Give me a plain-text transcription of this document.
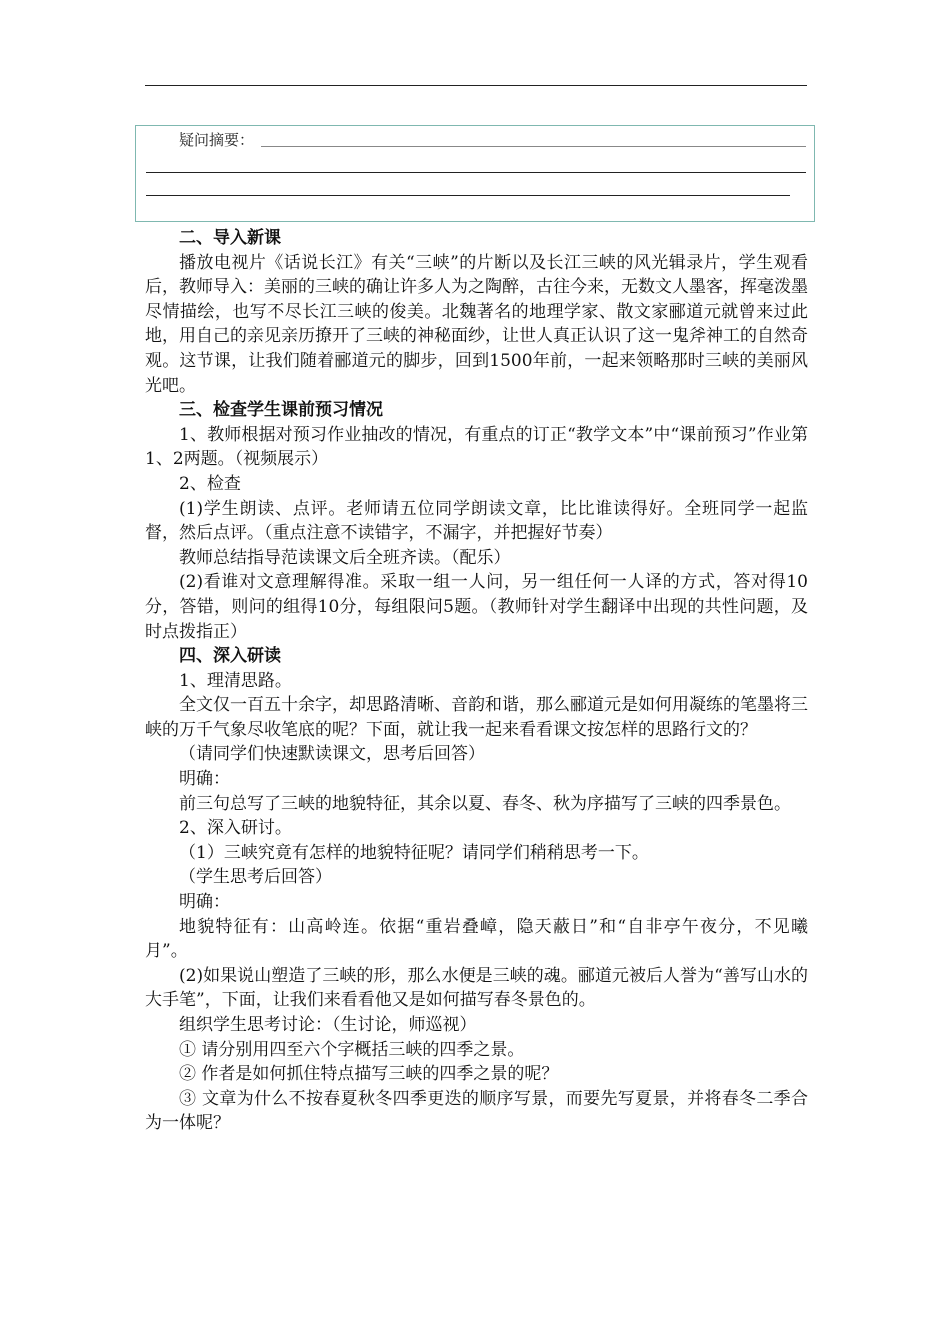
疑问摘要：

二、导入新课

播放电视片《话说长江》有关“三峡”的片断以及长江三峡的风光辑录片，学生观看后，教师导入：美丽的三峡的确让许多人为之陶醉，古往今来，无数文人墨客，挥毫泼墨尽情描绘，也写不尽长江三峡的俊美。北魏著名的地理学家、散文家郦道元就曾来过此地，用自己的亲见亲历撩开了三峡的神秘面纱，让世人真正认识了这一鬼斧神工的自然奇观。这节课，让我们随着郦道元的脚步，回到1500年前，一起来领略那时三峡的美丽风光吧。

三、检查学生课前预习情况

1、教师根据对预习作业抽改的情况，有重点的订正“教学文本”中“课前预习”作业第1、2两题。（视频展示）

2、检查

(1)学生朗读、点评。老师请五位同学朗读文章，比比谁读得好。全班同学一起监督，然后点评。（重点注意不读错字，不漏字，并把握好节奏）

教师总结指导范读课文后全班齐读。（配乐）

(2)看谁对文意理解得准。采取一组一人问，另一组任何一人译的方式，答对得10分，答错，则问的组得10分，每组限问5题。（教师针对学生翻译中出现的共性问题，及时点拨指正）

四、深入研读

1、理清思路。

全文仅一百五十余字，却思路清晰、音韵和谐，那么郦道元是如何用凝练的笔墨将三峡的万千气象尽收笔底的呢？下面，就让我一起来看看课文按怎样的思路行文的？

（请同学们快速默读课文，思考后回答）

明确：

前三句总写了三峡的地貌特征，其余以夏、春冬、秋为序描写了三峡的四季景色。

2、深入研讨。

（1）三峡究竟有怎样的地貌特征呢？请同学们稍稍思考一下。

（学生思考后回答）

明确：

地貌特征有：山高岭连。依据“重岩叠嶂，隐天蔽日”和“自非亭午夜分，不见曦月”。

(2)如果说山塑造了三峡的形，那么水便是三峡的魂。郦道元被后人誉为“善写山水的大手笔”，下面，让我们来看看他又是如何描写春冬景色的。

组织学生思考讨论：（生讨论，师巡视）

① 请分别用四至六个字概括三峡的四季之景。

② 作者是如何抓住特点描写三峡的四季之景的呢？

③ 文章为什么不按春夏秋冬四季更迭的顺序写景，而要先写夏景，并将春冬二季合为一体呢？
